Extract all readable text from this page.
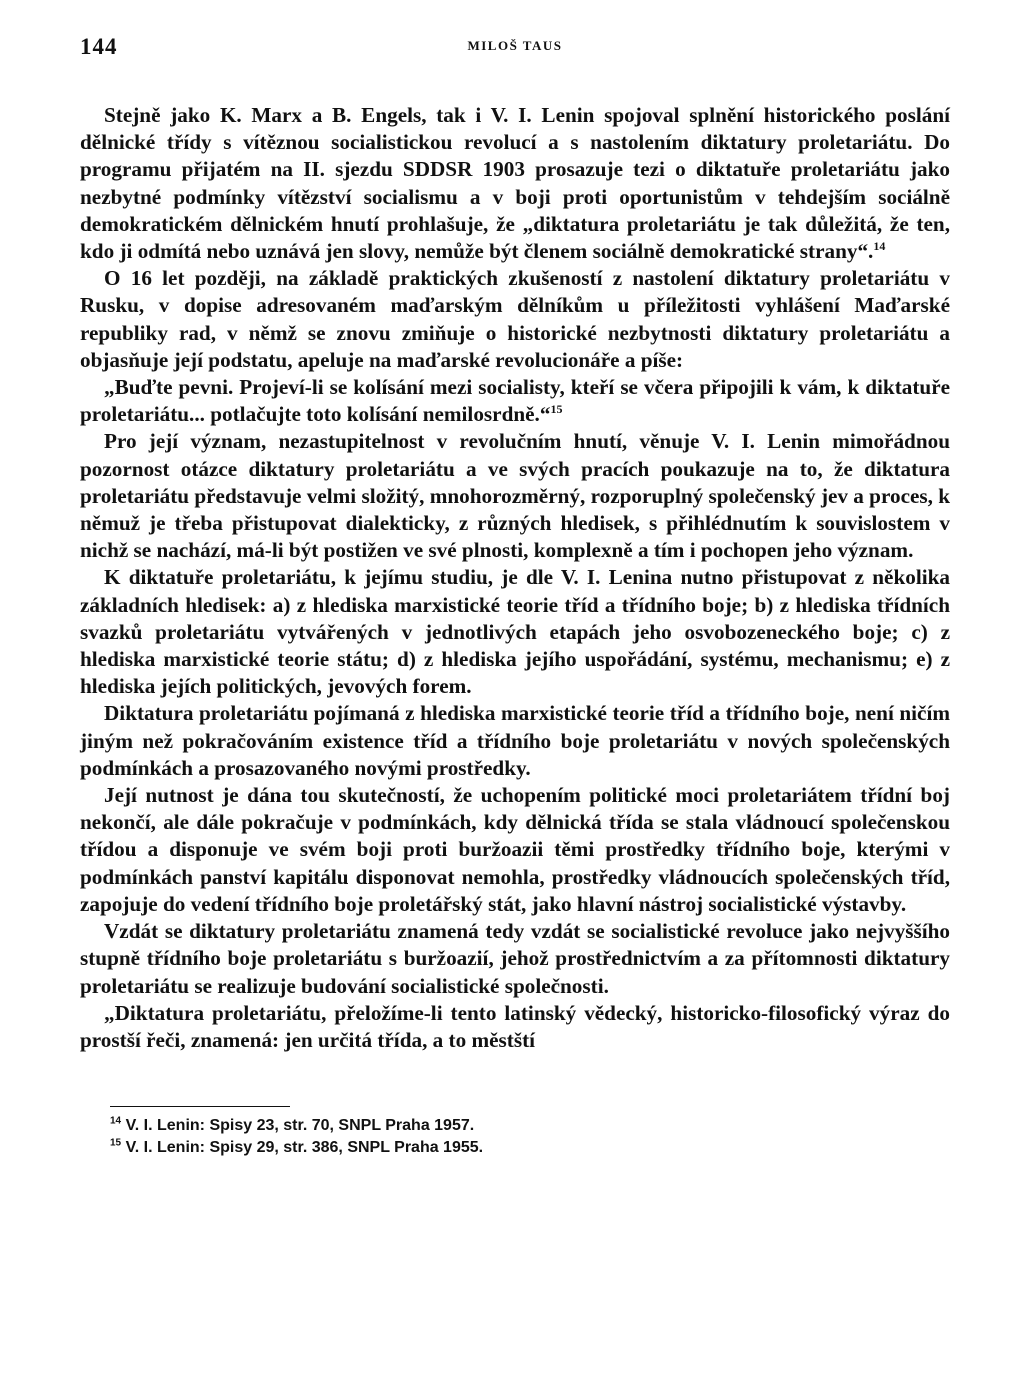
144	MILOŠ TAUS

Stejně jako K. Marx a B. Engels, tak i V. I. Lenin spojoval splnění historického poslání dělnické třídy s vítěznou socialistickou revolucí a s nastolením diktatury proletariátu. Do programu přijatém na II. sjezdu SDDSR 1903 prosazuje tezi o diktatuře proletariátu jako nezbytné podmínky vítězství socialismu a v boji proti oportunistům v tehdejším sociálně demokratickém dělnickém hnutí prohlašuje, že „diktatura proletariátu je tak důležitá, že ten, kdo ji odmítá nebo uznává jen slovy, nemůže být členem sociálně demokratické strany“.$^{14}$

O 16 let později, na základě praktických zkušeností z nastolení diktatury proletariátu v Rusku, v dopise adresovaném maďarským dělníkům u příležitosti vyhlášení Maďarské republiky rad, v němž se znovu zmiňuje o historické nezbytnosti diktatury proletariátu a objasňuje její podstatu, apeluje na maďarské revolucionáře a píše:

„Buďte pevni. Projeví-li se kolísání mezi socialisty, kteří se včera připojili k vám, k diktatuře proletariátu... potlačujte toto kolísání nemilosrdně.“$^{15}$

Pro její význam, nezastupitelnost v revolučním hnutí, věnuje V. I. Lenin mimořádnou pozornost otázce diktatury proletariátu a ve svých pracích poukazuje na to, že diktatura proletariátu představuje velmi složitý, mnohorozměrný, rozporuplný společenský jev a proces, k němuž je třeba přistupovat dialekticky, z různých hledisek, s přihlédnutím k souvislostem v nichž se nachází, má-li být postižen ve své plnosti, komplexně a tím i pochopen jeho význam.

K diktatuře proletariátu, k jejímu studiu, je dle V. I. Lenina nutno přistupovat z několika základních hledisek: a) z hlediska marxistické teorie tříd a třídního boje; b) z hlediska třídních svazků proletariátu vytvářených v jednotlivých etapách jeho osvobozeneckého boje; c) z hlediska marxistické teorie státu; d) z hlediska jejího uspořádání, systému, mechanismu; e) z hlediska jejích politických, jevových forem.

Diktatura proletariátu pojímaná z hlediska marxistické teorie tříd a třídního boje, není ničím jiným než pokračováním existence tříd a třídního boje proletariátu v nových společenských podmínkách a prosazovaného novými prostředky.

Její nutnost je dána tou skutečností, že uchopením politické moci proletariátem třídní boj nekončí, ale dále pokračuje v podmínkách, kdy dělnická třída se stala vládnoucí společenskou třídou a disponuje ve svém boji proti buržoazii těmi prostředky třídního boje, kterými v podmínkách panství kapitálu disponovat nemohla, prostředky vládnoucích společenských tříd, zapojuje do vedení třídního boje proletářský stát, jako hlavní nástroj socialistické výstavby.

Vzdát se diktatury proletariátu znamená tedy vzdát se socialistické revoluce jako nejvyššího stupně třídního boje proletariátu s buržoazií, jehož prostřednictvím a za přítomnosti diktatury proletariátu se realizuje budování socialistické společnosti.

„Diktatura proletariátu, přeložíme-li tento latinský vědecký, historicko-filosofický výraz do prostší řeči, znamená: jen určitá třída, a to městští

$^{14}$ V. I. Lenin: Spisy 23, str. 70, SNPL Praha 1957.
$^{15}$ V. I. Lenin: Spisy 29, str. 386, SNPL Praha 1955.
